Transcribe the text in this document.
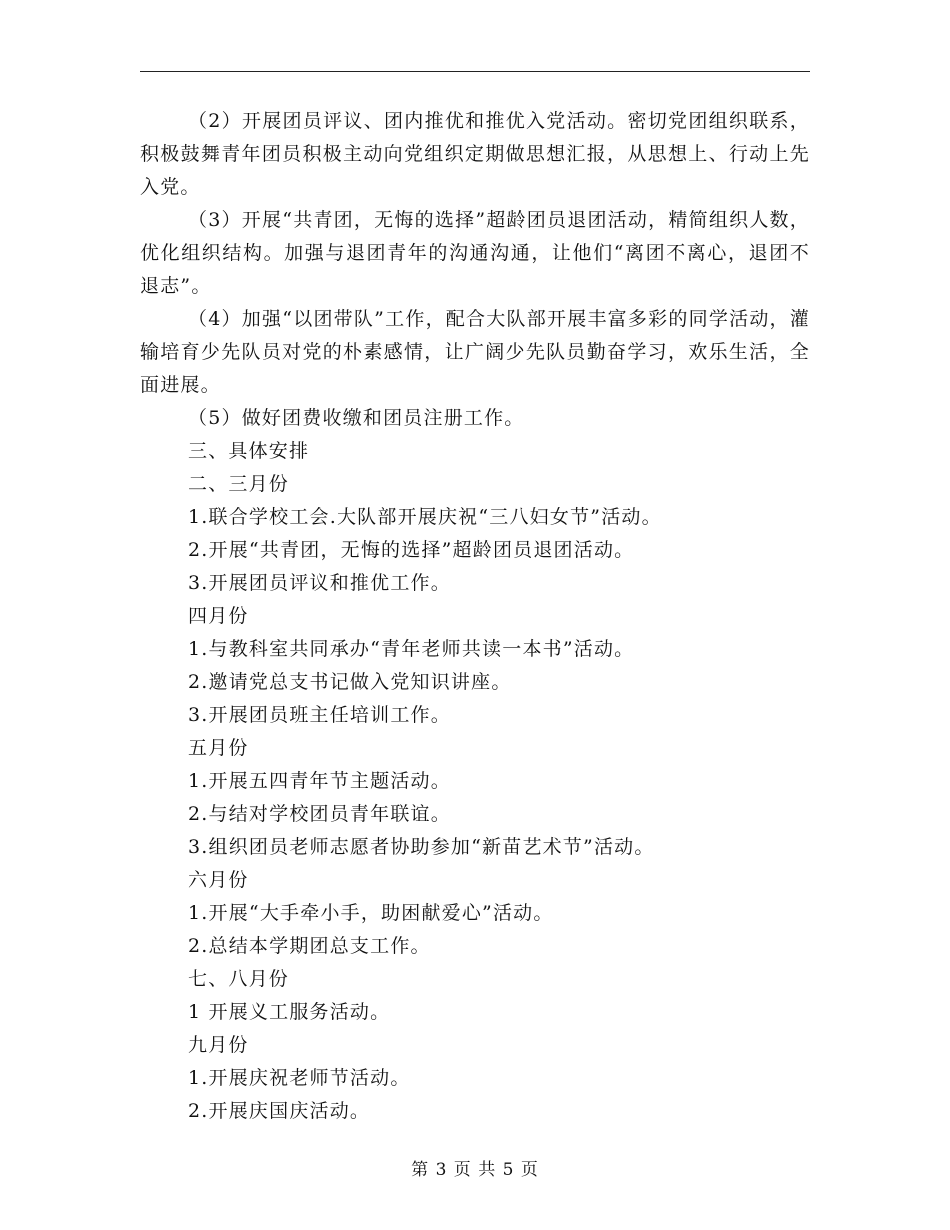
（2）开展团员评议、团内推优和推优入党活动。密切党团组织联系，积极鼓舞青年团员积极主动向党组织定期做思想汇报，从思想上、行动上先入党。

（3）开展“共青团，无悔的选择”超龄团员退团活动，精简组织人数，优化组织结构。加强与退团青年的沟通沟通，让他们“离团不离心，退团不退志”。

（4）加强“以团带队”工作，配合大队部开展丰富多彩的同学活动，灌输培育少先队员对党的朴素感情，让广阔少先队员勤奋学习，欢乐生活，全面进展。

（5）做好团费收缴和团员注册工作。

三、具体安排

二、三月份

1.联合学校工会.大队部开展庆祝“三八妇女节”活动。

2.开展“共青团，无悔的选择”超龄团员退团活动。

3.开展团员评议和推优工作。

四月份

1.与教科室共同承办“青年老师共读一本书”活动。

2.邀请党总支书记做入党知识讲座。

3.开展团员班主任培训工作。

五月份

1.开展五四青年节主题活动。

2.与结对学校团员青年联谊。

3.组织团员老师志愿者协助参加“新苗艺术节”活动。

六月份

1.开展“大手牵小手，助困献爱心”活动。

2.总结本学期团总支工作。

七、八月份

1 开展义工服务活动。

九月份

1.开展庆祝老师节活动。

2.开展庆国庆活动。

第 3 页 共 5 页
